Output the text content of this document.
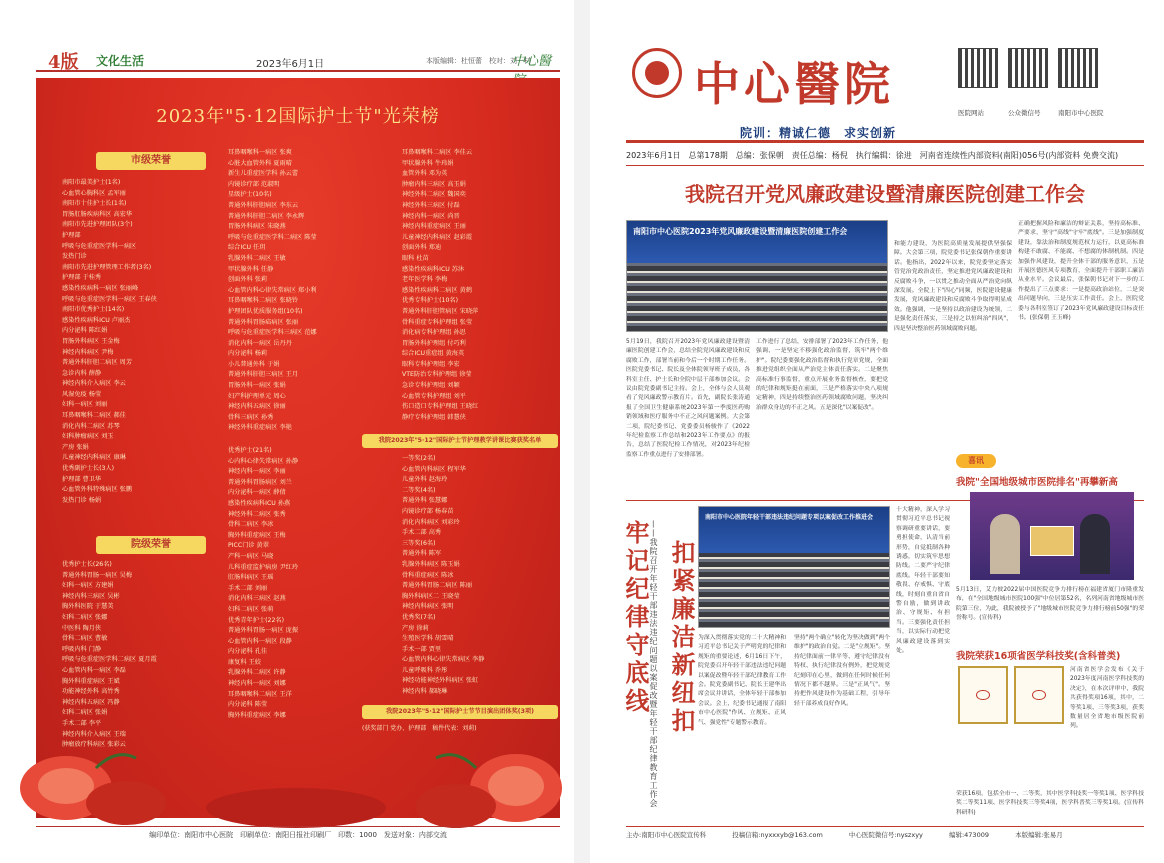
4版 文化生活	2023年6月1日	本版编辑：杜恒蕾　校对：刘一村
中心醫
2023年"5·12国际护士节"光荣榜
市级荣誉
院级荣誉
我院2023年"5·12"国际护士节护理教学讲课比赛获奖名单
我院2023年"5·12"国际护士节节目演出团体奖(3项)
南阳市最美护士(1名)
心血管心胸科区 孟军丽
南阳市十佳护士长(1名)
胃肠肛肠疾病科区 高宏华
南阳市先进护理团队(3个)
护理部
呼吸与危重症医学科一病区
发热门诊
南阳市先进护理管理工作者(3名)
护理部 于桂秀
感染性疾病科一病区 张丽峰
呼吸与危重症医学科一病区 王春侠
南阳市优秀护士(14名)
感染性疾病科ICU 卢丽杰
内分泌科 陈红娟
胃肠外科病区 王金梅
神经内科病区 尹梅
普通外科肝胆二病区 周芳
急诊内科 薛静
神经内科介入病区 李云
风湿免疫 杨莹
妇科一病区 刘丽
耳鼻咽喉科二病区 郝佳
消化内科二病区 苏琴
妇科肿瘤病区 刘玉
产房 张娟
儿童神经内科病区 康琳
优秀副护士长(3人)
护理部 曹卫华
心血管外科特殊病区 张鹏
发热门诊 杨娟
优秀护士长(26名)
普通外科胃肠一病区 吴梅
妇科一病区 方建娟
神经内科三病区 吴彬
胸外科医院 于慧美
妇科二病区 张娜
中医科 陶月侠
骨科二病区 曹敏
呼吸内科 门静
呼吸与危重症医学科二病区 夏月霞
心血管内科一病区 李磊
胸外科重症病区 王斌
功能神经外科 高竹秀
神经内科五病区 冯静
妇科二病区 张娟
手术二部 李平
神经内科介入病区 王瑞
肿瘤放疗科病区 张彩云
耳鼻咽喉科一病区 张爽
心脏大血管外科 夏雨晴
新生儿重症医学科 孙云蕾
内镜诊疗部 范淑明
星级护士(10名)
普通外科肝胆病区 李东云
普通外科肝胆二病区 李永辉
胃肠外科病区 朱晓燕
呼吸与危重症医学科二病区 陈莹
综合ICU 任玥
乳腺外科二病区 王敏
甲状腺外科 任静
创面外科 张莉
心血管内科心律失常病区 郑小利
耳鼻咽喉科二病区 张晓铃
护理团队优质服务组(10名)
普通外科胃肠疝病区 张丽
呼吸与危重症医学科三病区 范娜
消化内科一病区 岳丹丹
内分泌科 杨莉
小儿普通外科 于娟
普通外科肝胆三病区 王月
胃肠外科一病区 张娟
妇产科护理单元 周心
神经内科五病区 徐丽
骨科三病区 孙秀
神经外科重症病区 李艳
优秀护士(21名)
心内科心律失常病区 孙静
神经内科一病区 李丽
普通外科胃肠病区 刘兰
内分泌科一病区 薛倩
感染性疾病科ICU 孙燕
神经外科二病区 张秀
骨科二病区 李冰
胸外科重症病区 王梅
PICC门诊 黄翠
产科一病区 马晓
儿科重症监护病房 尹红玲
肛肠科病区 王瑶
手术二部 刘丽
消化内科三病区 赵燕
妇科二病区 张萌
优秀青年护士(22名)
普通外科胃肠一病区 庞振
心血管内科一病区 段静
内分泌科 孔佳
康复科 王姣
乳腺外科二病区 许静
神经内科一病区 刘娜
耳鼻咽喉科二病区 王洋
内分泌科 陈莹
胸外科重症病区 李娜
耳鼻咽喉科二病区 李佳云
甲状腺外科 牛玮娟
血管外科 邓为英
肿瘤内科三病区 高玉娟
神经外科二病区 魏国奕
神经外科三病区 付磊
神经内科一病区 尚晋
神经内科重症病区 王丽
儿童神经内科病区 赵彩霞
创面外科 郑迪
眼科 杜苗
感染性疾病科ICU 苏沐
老年医学科 李梅
感染性疾病科二病区 黄鹤
优秀专科护士(10名)
普通外科肝胆管病区 宋晓萍
骨科重症专科护理组 张莹
消化病专科护理组 孙思
胃肠外科护理组 付巧利
综合ICU重症组 黄海英
眼科专科护理组 李宏
VTE防治专科护理组 徐莹
急诊专科护理组 刘颖
心血管专科护理组 刘平
伤口造口专科护理组 王晓红
静疗专科护理组 韩慧侠
一等奖(2名)
心血管内科病区 程军华
儿童外科 赵海玲
二等奖(4名)
普通外科 张慧娜
内镜诊疗部 杨春苗
消化内科病区 刘彩玲
手术二部 高秀
三等奖(6名)
普通外科 陈军
乳腺外科病区 陈玉娟
骨科重症病区 陈冰
普通外科胃肠二病区 陈丽
胸外科病区二 王晓莹
神经内科病区 张明
优秀奖(7名)
产房 徐莉
生殖医学科 胡雪晴
手术一部 贾里
心血管内科心律失常病区 李静
儿童呼吸科 乔彤
神经功能神经外科病区 张虹
神经内科 郝晓琳
(获奖部门 党办、护理部　稿件代表：刘莉)
编印单位：南阳市中心医院　印刷单位：南阳日报社印刷厂　印数：1000　发送对象：内部交流
中心醫院
医院网站	公众微信号	南阳市中心医院
院训：精诚仁德　求实创新
2023年6月1日　总第178期　总编：张保朝　责任总编：杨倪　执行编辑：徐进　河南省连续性内部资料(南阳)056号(内部资料 免费交流)
我院召开党风廉政建设暨清廉医院创建工作会
南阳市中心医院2023年党风廉政建设暨清廉医院创建工作会
5月19日，我院召开2023年党风廉政建设暨清廉医院创建工作会，总结全院党风廉政建设和反腐败工作，部署当前和今后一个时期工作任务。医院党委书记、院长及全体院领导班子成员，各科室主任、护士长和全院中层干部参加会议。会议由院党委副书记主持。会上，全体与会人员观看了党风廉政警示教育片。首先，副院长张涛通报了全国卫生健康系统2023年第一季度医药购销领域和医疗服务中不正之风问题案例。大会第二项，院纪委书记、党委委员杨骏作了《2022年纪检监察工作总结和2023年工作要点》的报告，总结了医院纪检工作情况，对2023年纪检监察工作重点进行了安排部署。
工作进行了总结，安排部署了2023年工作任务，他强调，一是坚定不移强化政治监督，筑牢"两个维护"。院纪委要强化政治监督和执行党章党规，全面推进党组织全面从严治党主体责任落实。二是聚焦高标准行事监督，重点开展业务监督核查，要把党的纪律和规矩挺在前面，三是严格落实中央八项规定精神，四是持续整治医药领域腐败问题，坚决纠治群众身边的不正之风。五是深化"以案促改"。
和能力建设，为医院高质量发展提供坚强保障。大会第三项，院党委书记张保朝作重要讲话。他指出，2022年以来，院党委坚定落实管党治党政治责任，坚定推进党风廉政建设和反腐败斗争，一以贯之推动全面从严治党向纵深发展。全院上下"四心"同频，医院建设健康发展，党风廉政建设和反腐败斗争取得明显成效。他强调，一是坚持以政治建设为统领，二是强化责任落实，三是持之以恒纠治"四风"，四是坚决整治医药领域腐败问题。
正确把握风险和廉洁的辩证关系，坚持高标准、严要求，坚守"高线"守牢"底线"。三是加强制度建设，靠法治和制度规范权力运行，以更高标准构建不敢腐、不能腐、不想腐的体制机制。四是加强作风建设，提升全体干部的服务意识，五是开展医德医风专项教育，全面提升干部职工廉洁从业水平。会议最后，张保朝书记对下一步的工作提出了三点要求：一是提高政治站位，二是突出问题导向，三是压实工作责任。会上，医院党委与各科室签订了2023年党风廉政建设目标责任书。(张保朝 王玉峰)
牢记纪律守底线 ——我院召开年轻干部违法违纪问题以案促改暨年轻干部纪律教育工作会 扣紧廉洁新纽扣
南阳市中心医院年轻干部违法违纪问题专项以案促改工作推进会
为深入贯彻落实党的二十大精神和习近平总书记关于严明党的纪律和规矩的重要论述，6月16日下午，院党委召开年轻干部违法违纪问题以案促改暨年轻干部纪律教育工作会。院党委副书记、院长王建华出席会议并讲话，全体年轻干部参加会议。会上，纪委书记通报了南阳市中心医院"作风、立规矩、正风气、强党性"专题警示教育。
坚持"两个确立"转化为坚决做到"两个维护"的政治自觉。二是"立规矩"。坚持纪律面前一律平等、遵守纪律没有特权、执行纪律没有例外，把党规党纪刻印在心里，做到在任何时候任何情况下都不越界。三是"正风气"。坚持把作风建设作为基础工程，引导年轻干部养成良好作风。
十大精神，深入学习贯彻习近平总书记视察调研重要讲话，要勇担使命，认清当前形势，自觉抵制各种诱惑，切实筑牢思想防线。二要严守纪律底线。年轻干部要知敬畏、存戒惧、守底线，时刻自重自省自警自励，做到讲政治、守规矩、有担当。三要强化责任担当，以实际行动把党风廉政建设落到实处。
喜讯
我院"全国地级城市医院排名"再攀新高
5月13日，艾力彼2022届中国医院竞争力排行榜在福建省厦门市隆重发布，在"全国地级城市医院100强"中位居第52名，名列河南省地级城市医院第三位，为此，我院被授予了"地级城市医院竞争力排行榜前50强"的荣誉称号。(宣传科)
我院荣获16项省医学科技奖(含科普类)
河南省医学会发布《关于2023年度河南医学科技奖的决定》，在本次评审中，我院共获得奖项16项，其中，二等奖1项、三等奖3项，获奖数量居全省地市级医院前列。
荣获16项，包括全市一、二等奖，其中医学科技奖一等奖1项、医学科技奖二等奖11项、医学科技奖三等奖4项，医学科普奖三等奖1项。(宣传科 科研科)
主办:南阳市中心医院宣传科	投稿信箱:nyxxxyb@163.com	中心医院微信号:nyszxyy	编辑:473009	本版编辑:张易月
